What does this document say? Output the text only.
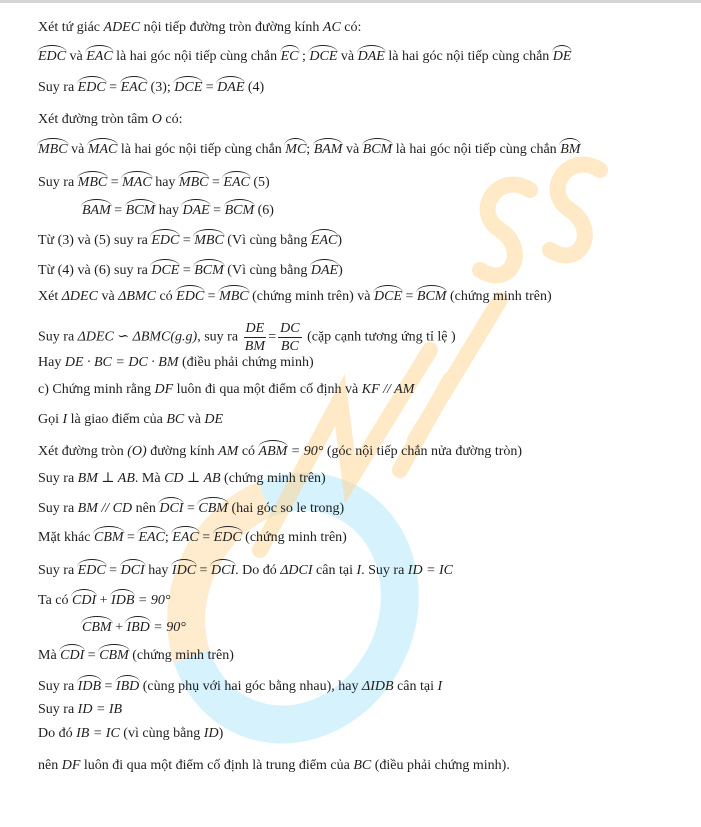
Xét tứ giác ADEC nội tiếp đường tròn đường kính AC có:
EDC và EAC là hai góc nội tiếp cùng chắn EC ; DCE và DAE là hai góc nội tiếp cùng chắn DE
Suy ra EDC = EAC (3); DCE = DAE (4)
Xét đường tròn tâm O có:
MBC và MAC là hai góc nội tiếp cùng chắn MC; BAM và BCM là hai góc nội tiếp cùng chắn BM
Suy ra MBC = MAC hay MBC = EAC (5)
BAM = BCM hay DAE = BCM (6)
Từ (3) và (5) suy ra EDC = MBC (Vì cùng bằng EAC)
Từ (4) và (6) suy ra DCE = BCM (Vì cùng bằng DAE)
Xét ΔDEC và ΔBMC có EDC = MBC (chứng minh trên) và DCE = BCM (chứng minh trên)
Suy ra ΔDEC ∽ ΔBMC(g.g), suy ra $\frac{DE}{BM} = \frac{DC}{BC}$ (cặp cạnh tương ứng tỉ lệ )
Hay DE · BC = DC · BM (điều phải chứng minh)
c) Chứng minh rằng DF luôn đi qua một điểm cố định và KF // AM
Gọi I là giao điểm của BC và DE
Xét đường tròn (O) đường kính AM có ABM = 90° (góc nội tiếp chắn nửa đường tròn)
Suy ra BM ⊥ AB. Mà CD ⊥ AB (chứng minh trên)
Suy ra BM // CD nên DCI = CBM (hai góc so le trong)
Mặt khác CBM = EAC; EAC = EDC (chứng minh trên)
Suy ra EDC = DCI hay IDC = DCI. Do đó ΔDCI cân tại I. Suy ra ID = IC
Ta có CDI + IDB = 90°
CBM + IBD = 90°
Mà CDI = CBM (chứng minh trên)
Suy ra IDB = IBD (cùng phụ với hai góc bằng nhau), hay ΔIDB cân tại I
Suy ra ID = IB
Do đó IB = IC (vì cùng bằng ID)
nên DF luôn đi qua một điểm cố định là trung điểm của BC (điều phải chứng minh).
